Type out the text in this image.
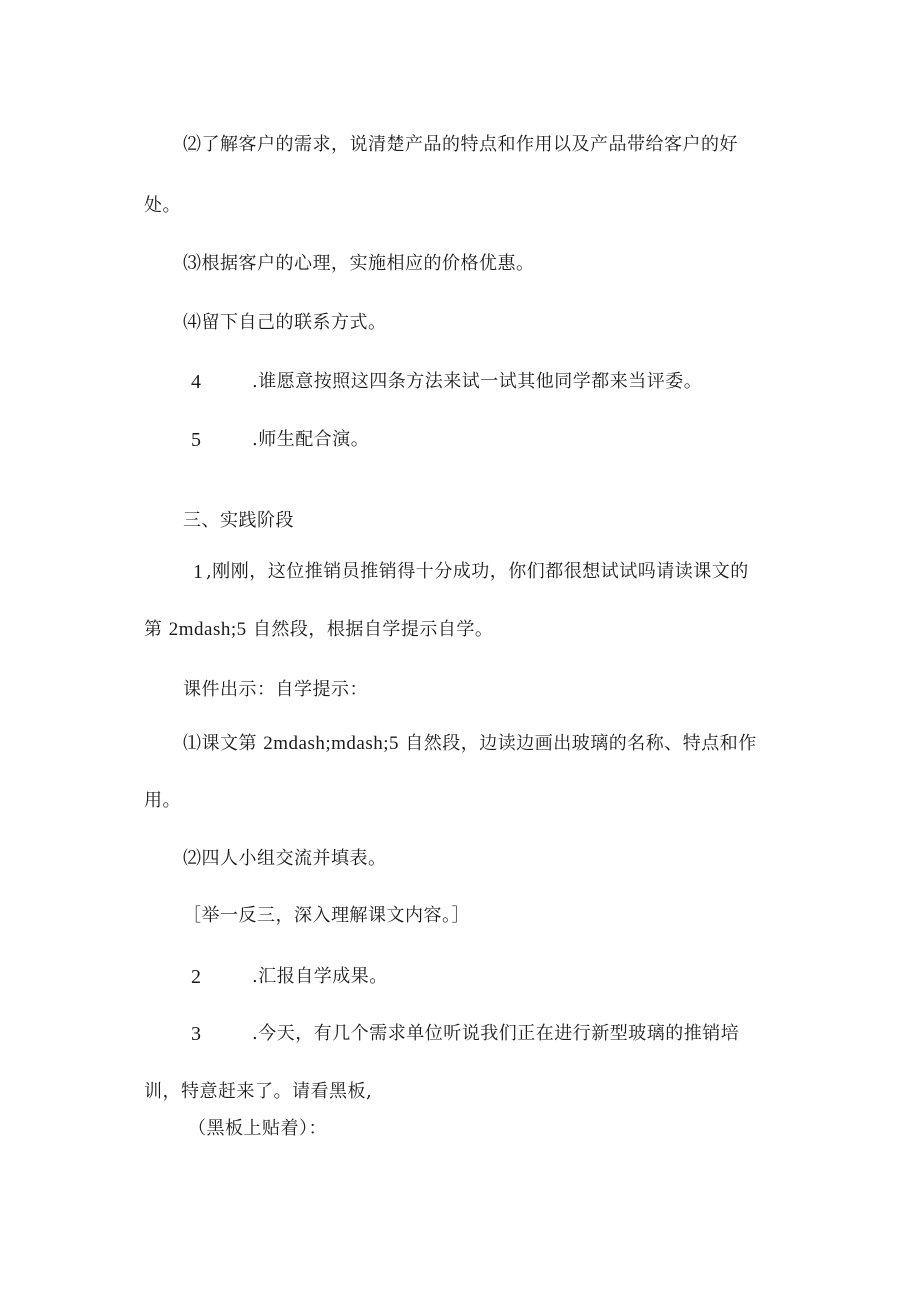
⑵了解客户的需求，说清楚产品的特点和作用以及产品带给客户的好
处。
⑶根据客户的心理，实施相应的价格优惠。
⑷留下自己的联系方式。
4	.谁愿意按照这四条方法来试一试其他同学都来当评委。
5	.师生配合演。
三、实践阶段
1 ,刚刚，这位推销员推销得十分成功，你们都很想试试吗请读课文的
第 2mdash;5 自然段，根据自学提示自学。
课件出示：自学提示：
⑴课文第 2mdash;mdash;5 自然段，边读边画出玻璃的名称、特点和作
用。
⑵四人小组交流并填表。
［举一反三，深入理解课文内容。］
2	.汇报自学成果。
3	.今天，有几个需求单位听说我们正在进行新型玻璃的推销培
训，特意赶来了。请看黑板,
（黑板上贴着）：
